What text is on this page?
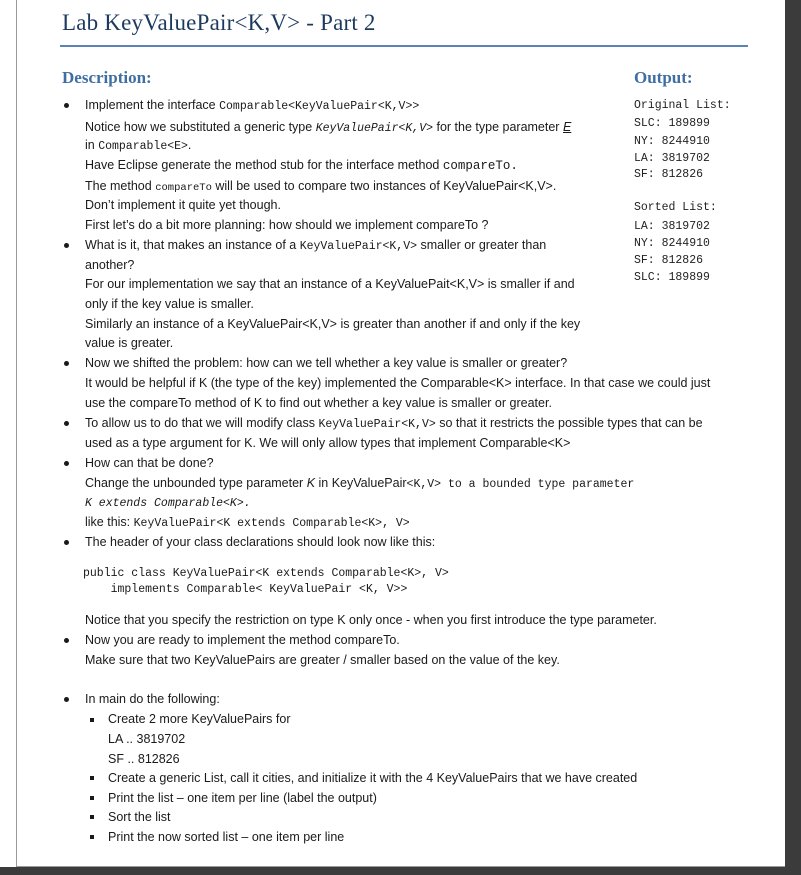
Lab KeyValuePair<K,V> - Part 2
Description:	Output:
Original List:
SLC: 189899
NY: 8244910
LA: 3819702
SF: 812826
Sorted List:
LA: 3819702
NY: 8244910
SF: 812826
SLC: 189899
Implement the interface Comparable<KeyValuePair<K,V>>
Notice how we substituted a generic type KeyValuePair<K,V> for the type parameter E
in Comparable<E>.
Have Eclipse generate the method stub for the interface method compareTo.
The method compareTo will be used to compare two instances of KeyValuePair<K,V>.
Don’t implement it quite yet though.
First let’s do a bit more planning: how should we implement compareTo ?
What is it, that makes an instance of a KeyValuePair<K,V> smaller or greater than
another?
For our implementation we say that an instance of a KeyValuePait<K,V> is smaller if and
only if the key value is smaller.
Similarly an instance of a KeyValuePair<K,V> is greater than another if and only if the key
value is greater.
Now we shifted the problem: how can we tell whether a key value is smaller or greater?
It would be helpful if K (the type of the key) implemented the Comparable<K> interface. In that case we could just
use the compareTo method of K to find out whether a key value is smaller or greater.
To allow us to do that we will modify class KeyValuePair<K,V> so that it restricts the possible types that can be
used as a type argument for K. We will only allow types that implement Comparable<K>
How can that be done?
Change the unbounded type parameter K in KeyValuePair<K,V> to a bounded type parameter
K extends Comparable<K>.
like this: KeyValuePair<K extends Comparable<K>, V>
The header of your class declarations should look now like this:
public class KeyValuePair<K extends Comparable<K>, V>
implements Comparable< KeyValuePair <K, V>>
Notice that you specify the restriction on type K only once - when you first introduce the type parameter.
Now you are ready to implement the method compareTo.
Make sure that two KeyValuePairs are greater / smaller based on the value of the key.
In main do the following:
Create 2 more KeyValuePairs for
LA .. 3819702
SF .. 812826
Create a generic List, call it cities, and initialize it with the 4 KeyValuePairs that we have created
Print the list – one item per line (label the output)
Sort the list
Print the now sorted list – one item per line
